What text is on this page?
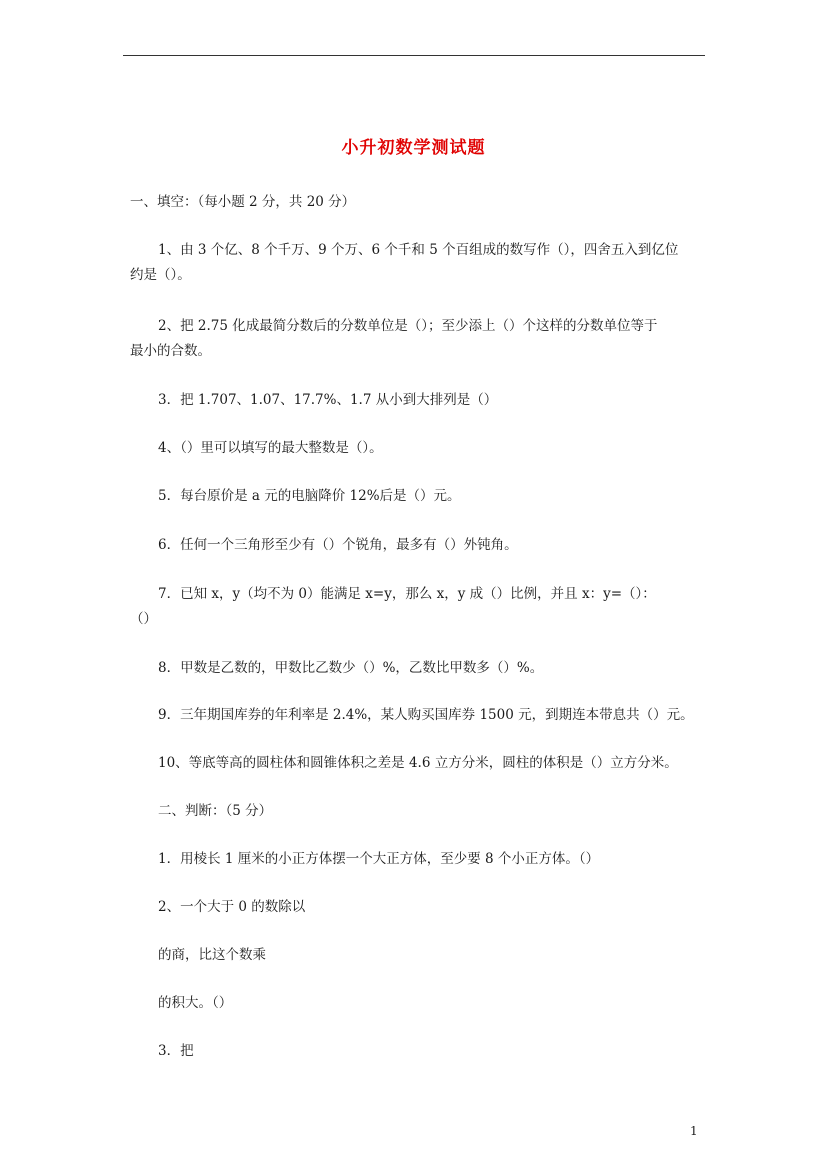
小升初数学测试题
一、填空：（每小题 2 分，共 20 分）
1、由 3 个亿、8 个千万、9 个万、6 个千和 5 个百组成的数写作（），四舍五入到亿位
约是（）。
2、把 2.75 化成最简分数后的分数单位是（）；至少添上（）个这样的分数单位等于
最小的合数。
3．把 1.707、1.07、17.7%、1.7 从小到大排列是（）
4、（）里可以填写的最大整数是（）。
5．每台原价是 a 元的电脑降价 12%后是（）元。
6．任何一个三角形至少有（）个锐角，最多有（）外钝角。
7．已知 x，y（均不为 0）能满足 x=y，那么 x，y 成（）比例，并且 x：y=（）：
（）
8．甲数是乙数的，甲数比乙数少（）%，乙数比甲数多（）%。
9．三年期国库券的年利率是 2.4%，某人购买国库券 1500 元，到期连本带息共（）元。
10、等底等高的圆柱体和圆锥体积之差是 4.6 立方分米，圆柱的体积是（）立方分米。
二、判断：（5 分）
1．用棱长 1 厘米的小正方体摆一个大正方体，至少要 8 个小正方体。（）
2、一个大于 0 的数除以
的商，比这个数乘
的积大。（）
3．把
1
